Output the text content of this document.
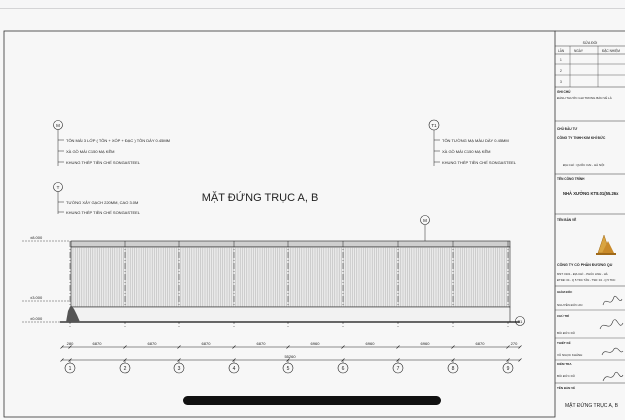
MẶT ĐỨNG TRỤC A, B
M
TÔN MÁI 3 LỚP ( TÔN + XỐP + ĐẠC ) TÔN DÀY 0.45MM
XÀ GỒ MÁI C150 MẠ KẼM
KHUNG THÉP TIỀN CHẾ SONGASTEEL
T
TƯỜNG XÂY GẠCH 220MM, CAO 3.0M
KHUNG THÉP TIỀN CHẾ SONGASTEEL
T1
TÔN TƯỜNG MẠ MÀU DÀY 0.45MM
XÀ GỒ MÁI C150 MẠ KẼM
KHUNG THÉP TIỀN CHẾ SONGASTEEL
±8.000
±3.000
±0.000
M
T1
280	6870	6870	6870	6870	6960	6960	6960	6870	270
55260
1	2	3	4	5	6	7	8	9
SỬA ĐỔI
LẦN	NGÀY	ĐẶC NHIỆM
1
2
3
GHI CHÚ
ĐẢNH THƯỚC GHI TRONG BẢN VẼ LÀ
CHỦ ĐẦU TƯ
CÔNG TY TNHH KIM KHÍ ĐỨC
ĐỊA CHỈ : QUỐC OAI - HÀ NỘI
TÊN CÔNG TRÌNH
NHÀ XƯỞNG KT8.01(55.26x
TÊN BẢN VẼ
CÔNG TY CỔ PHẦN ĐƯƠNG QU
MST: 0101 - ĐỊA CHỈ: - PHÚC LINH - HÀ
ĐTDĐ: 04 - Q 5 TDC TẦN - TSD: 04 - Q 5 TDC
GIÁM ĐỐC
NGUYỄN ĐỨC AN
CHỦ TRÌ
BÙI ĐỨC DŨ
THIẾT KẾ
VŨ NGỌC KHÁNH
KIỂM TRA
BÙI ĐỨC DŨ
TÊN BẢN VẼ
MẶT ĐỨNG TRỤC A, B
